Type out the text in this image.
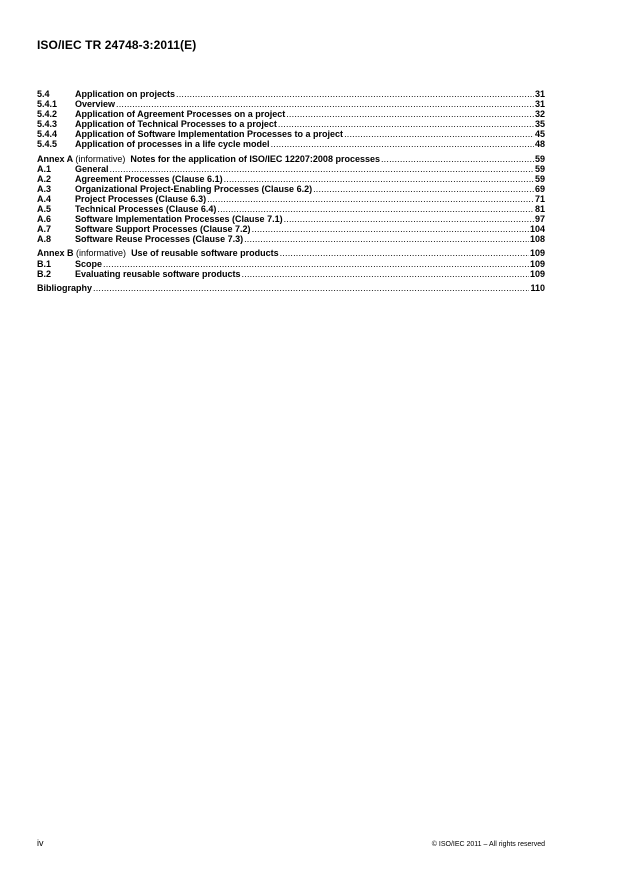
ISO/IEC TR 24748-3:2011(E)
5.4	Application on projects .....	31
5.4.1	Overview .....	31
5.4.2	Application of Agreement Processes on a project .....	32
5.4.3	Application of Technical Processes to a project .....	35
5.4.4	Application of Software Implementation Processes to a project .....	45
5.4.5	Application of processes in a life cycle model .....	48
Annex A (informative) Notes for the application of ISO/IEC 12207:2008 processes .....	59
A.1	General .....	59
A.2	Agreement Processes (Clause 6.1) .....	59
A.3	Organizational Project-Enabling Processes (Clause 6.2) .....	69
A.4	Project Processes (Clause 6.3) .....	71
A.5	Technical Processes (Clause 6.4) .....	81
A.6	Software Implementation Processes (Clause 7.1) .....	97
A.7	Software Support Processes (Clause 7.2) .....	104
A.8	Software Reuse Processes (Clause 7.3) .....	108
Annex B (informative) Use of reusable software products .....	109
B.1	Scope .....	109
B.2	Evaluating reusable software products .....	109
Bibliography .....	110
iv	© ISO/IEC 2011 – All rights reserved
